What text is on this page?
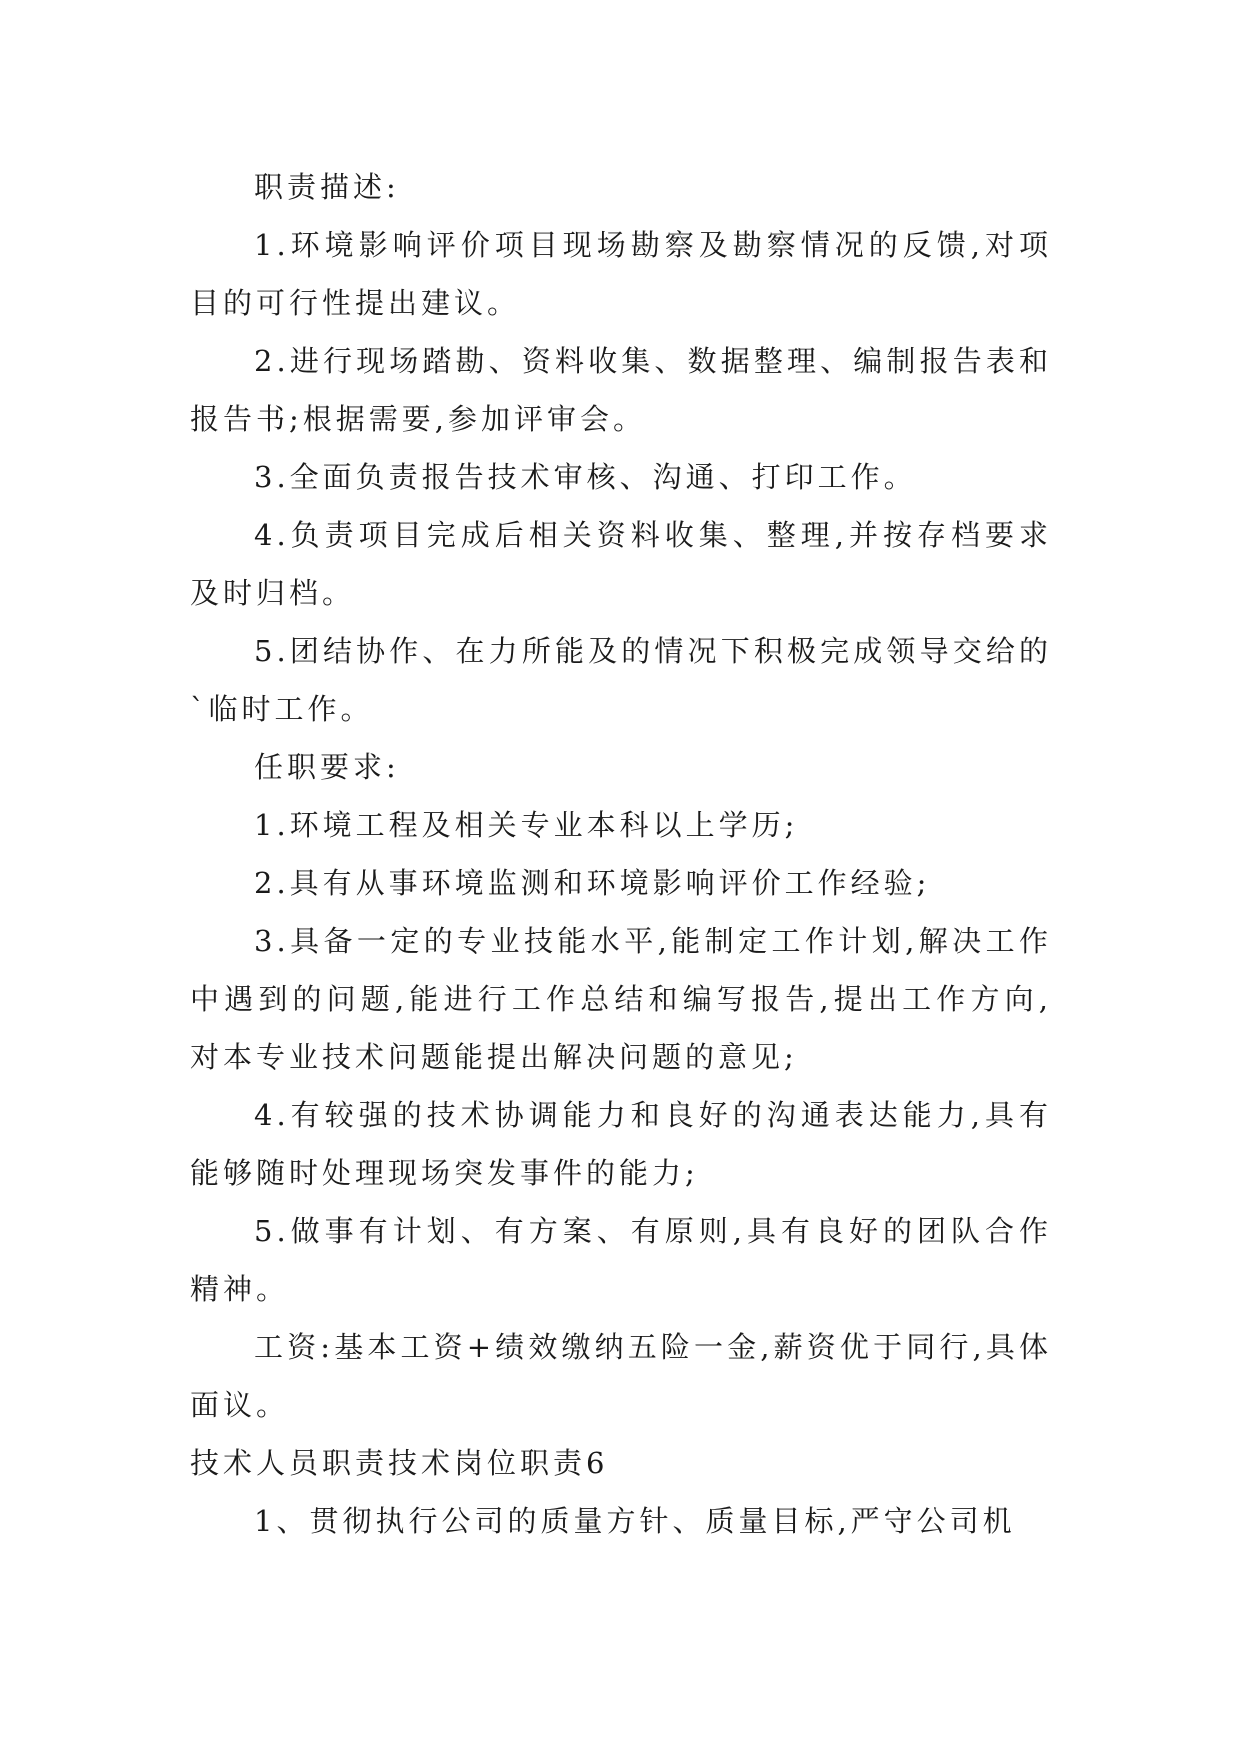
职责描述:

1.环境影响评价项目现场勘察及勘察情况的反馈,对项目的可行性提出建议。

2.进行现场踏勘、资料收集、数据整理、编制报告表和报告书;根据需要,参加评审会。

3.全面负责报告技术审核、沟通、打印工作。

4.负责项目完成后相关资料收集、整理,并按存档要求及时归档。

5.团结协作、在力所能及的情况下积极完成领导交给的`临时工作。

任职要求:

1.环境工程及相关专业本科以上学历;

2.具有从事环境监测和环境影响评价工作经验;

3.具备一定的专业技能水平,能制定工作计划,解决工作中遇到的问题,能进行工作总结和编写报告,提出工作方向,对本专业技术问题能提出解决问题的意见;

4.有较强的技术协调能力和良好的沟通表达能力,具有能够随时处理现场突发事件的能力;

5.做事有计划、有方案、有原则,具有良好的团队合作精神。

工资:基本工资+绩效缴纳五险一金,薪资优于同行,具体面议。

技术人员职责技术岗位职责6

1、贯彻执行公司的质量方针、质量目标,严守公司机
